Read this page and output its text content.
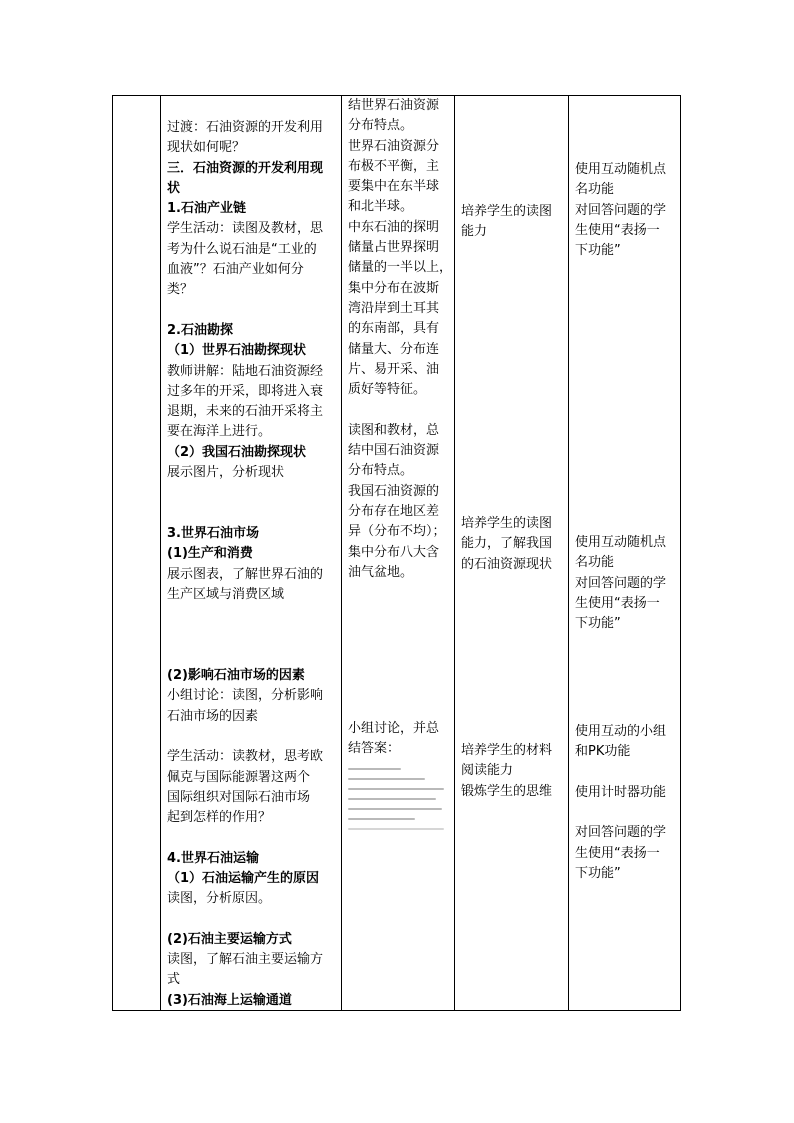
过渡：石油资源的开发利用
现状如何呢？
三．石油资源的开发利用现
状
1.石油产业链
学生活动：读图及教材，思
考为什么说石油是“工业的
血液”？石油产业如何分
类？
2.石油勘探
（1）世界石油勘探现状
教师讲解：陆地石油资源经
过多年的开采，即将进入衰
退期，未来的石油开采将主
要在海洋上进行。
（2）我国石油勘探现状
展示图片，分析现状
3.世界石油市场
(1)生产和消费
展示图表，了解世界石油的
生产区域与消费区域
(2)影响石油市场的因素
小组讨论：读图，分析影响
石油市场的因素
学生活动：读教材，思考欧
佩克与国际能源署这两个
国际组织对国际石油市场
起到怎样的作用？
4.世界石油运输
（1）石油运输产生的原因
读图，分析原因。
(2)石油主要运输方式
读图，了解石油主要运输方
式
(3)石油海上运输通道
结世界石油资源
分布特点。
世界石油资源分
布极不平衡，主
要集中在东半球
和北半球。
中东石油的探明
储量占世界探明
储量的一半以上，
集中分布在波斯
湾沿岸到土耳其
的东南部，具有
储量大、分布连
片、易开采、油
质好等特征。
读图和教材，总
结中国石油资源
分布特点。
我国石油资源的
分布存在地区差
异（分布不均）；
集中分布八大含
油气盆地。
小组讨论，并总
结答案：
培养学生的读图
能力
培养学生的读图
能力，了解我国
的石油资源现状
培养学生的材料
阅读能力
锻炼学生的思维
使用互动随机点
名功能
对回答问题的学
生使用“表扬一
下功能”
使用互动随机点
名功能
对回答问题的学
生使用“表扬一
下功能”
使用互动的小组
和PK功能
使用计时器功能
对回答问题的学
生使用“表扬一
下功能”
